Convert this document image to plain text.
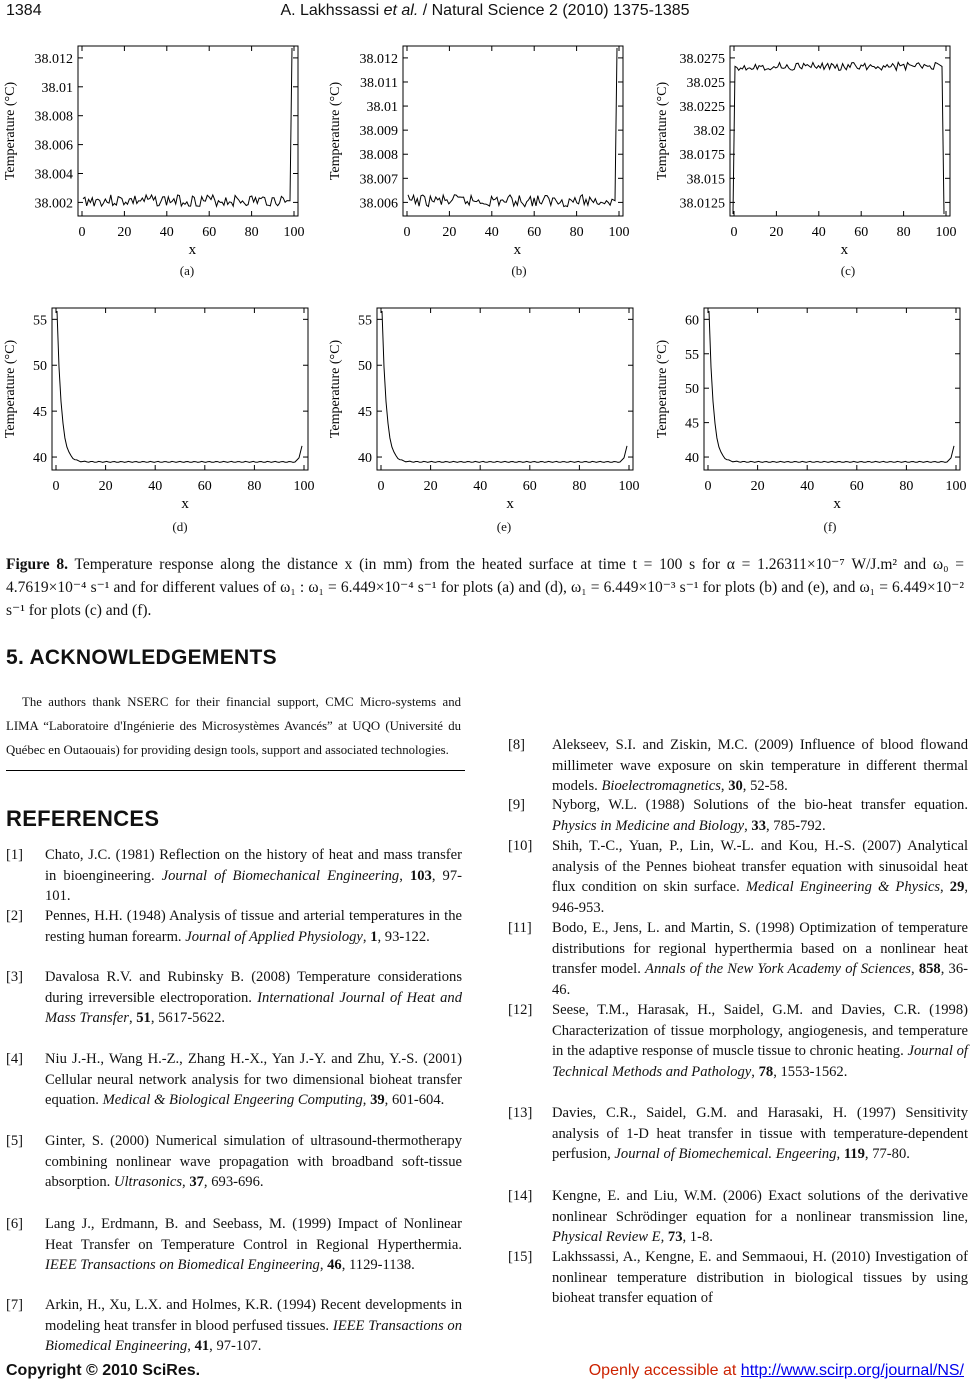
1384	A. Lakhssassi et al. / Natural Science 2 (2010) 1375-1385
38.012
38.01
38.008
38.006
38.004
38.002
0 20 40 60 80 100
x
Temperature (°C)
(a)
38.012
38.011
38.01
38.009
38.008
38.007
38.006
0 20 40 60 80 100
x
Temperature (°C)
(b)
38.0275
38.025
38.0225
38.02
38.0175
38.015
38.0125
0 20 40 60 80 100
x
Temperature (°C)
(c)
55
50
45
40
0	20	40	60	80 100
x
Temperature (°C)
(d)
55
50
45
40
0	20	40	60	80 100
x
Temperature (°C)
(e)
60
55
50
45
40
0	20	40	60	80 100
x
Temperature (°C)
(f)
Figure 8. Temperature response along the distance x (in mm) from the heated surface at time t = 100 s for α = 1.26311×10⁻⁷ W/J.m² and ω₀ = 4.7619×10⁻⁴ s⁻¹ and for different values of ω₁ : ω₁ = 6.449×10⁻⁴ s⁻¹ for plots (a) and (d), ω₁ = 6.449×10⁻³ s⁻¹ for plots (b) and (e), and ω₁ = 6.449×10⁻² s⁻¹ for plots (c) and (f).
5. ACKNOWLEDGEMENTS
The authors thank NSERC for their financial support, CMC Micro-systems and LIMA “Laboratoire d'Ingénierie des Microsystèmes Avancés” at UQO (Université du Québec en Outaouais) for providing design tools, support and associated technologies.
REFERENCES
[1] Chato, J.C. (1981) Reflection on the history of heat and mass transfer in bioengineering. Journal of Biomechanical Engineering, 103, 97-101.
[2] Pennes, H.H. (1948) Analysis of tissue and arterial temperatures in the resting human forearm. Journal of Applied Physiology, 1, 93-122.
[3] Davalosa R.V. and Rubinsky B. (2008) Temperature considerations during irreversible electroporation. International Journal of Heat and Mass Transfer, 51, 5617-5622.
[4] Niu J.-H., Wang H.-Z., Zhang H.-X., Yan J.-Y. and Zhu, Y.-S. (2001) Cellular neural network analysis for two dimensional bioheat transfer equation. Medical & Biological Engeering Computing, 39, 601-604.
[5] Ginter, S. (2000) Numerical simulation of ultrasound-thermotherapy combining nonlinear wave propagation with broadband soft-tissue absorption. Ultrasonics, 37, 693-696.
[6] Lang J., Erdmann, B. and Seebass, M. (1999) Impact of Nonlinear Heat Transfer on Temperature Control in Regional Hyperthermia. IEEE Transactions on Biomedical Engineering, 46, 1129-1138.
[7] Arkin, H., Xu, L.X. and Holmes, K.R. (1994) Recent developments in modeling heat transfer in blood perfused tissues. IEEE Transactions on Biomedical Engineering, 41, 97-107.
[8] Alekseev, S.I. and Ziskin, M.C. (2009) Influence of blood flowand millimeter wave exposure on skin temperature in different thermal models. Bioelectromagnetics, 30, 52-58.
[9] Nyborg, W.L. (1988) Solutions of the bio-heat transfer equation. Physics in Medicine and Biology, 33, 785-792.
[10] Shih, T.-C., Yuan, P., Lin, W.-L. and Kou, H.-S. (2007) Analytical analysis of the Pennes bioheat transfer equation with sinusoidal heat flux condition on skin surface. Medical Engineering & Physics, 29, 946-953.
[11] Bodo, E., Jens, L. and Martin, S. (1998) Optimization of temperature distributions for regional hyperthermia based on a nonlinear heat transfer model. Annals of the New York Academy of Sciences, 858, 36-46.
[12] Seese, T.M., Harasak, H., Saidel, G.M. and Davies, C.R. (1998) Characterization of tissue morphology, angiogenesis, and temperature in the adaptive response of muscle tissue to chronic heating. Journal of Technical Methods and Pathology, 78, 1553-1562.
[13] Davies, C.R., Saidel, G.M. and Harasaki, H. (1997) Sensitivity analysis of 1-D heat transfer in tissue with temperature-dependent perfusion, Journal of Biomechemical. Engeering, 119, 77-80.
[14] Kengne, E. and Liu, W.M. (2006) Exact solutions of the derivative nonlinear Schrödinger equation for a nonlinear transmission line, Physical Review E, 73, 1-8.
[15] Lakhssassi, A., Kengne, E. and Semmaoui, H. (2010) Investigation of nonlinear temperature distribution in biological tissues by using bioheat transfer equation of
Copyright © 2010 SciRes.	Openly accessible at http://www.scirp.org/journal/NS/
